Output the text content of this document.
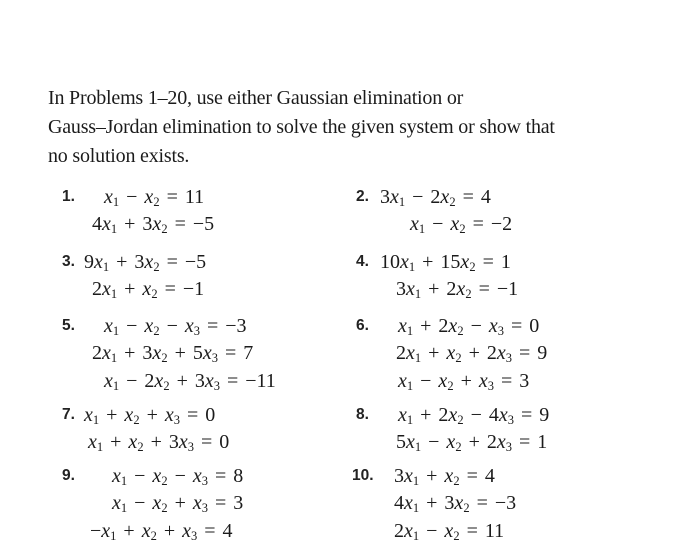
In Problems 1–20, use either Gaussian elimination or
Gauss–Jordan elimination to solve the given system or show that
no solution exists.
1. $x_1 - x_2 = 11$
$4x_1 + 3x_2 = -5$
2. $3x_1 - 2x_2 = 4$
$x_1 - x_2 = -2$
3. $9x_1 + 3x_2 = -5$
$2x_1 + x_2 = -1$
4. $10x_1 + 15x_2 = 1$
$3x_1 + 2x_2 = -1$
5. $x_1 - x_2 - x_3 = -3$
$2x_1 + 3x_2 + 5x_3 = 7$
$x_1 - 2x_2 + 3x_3 = -11$
6. $x_1 + 2x_2 - x_3 = 0$
$2x_1 + x_2 + 2x_3 = 9$
$x_1 - x_2 + x_3 = 3$
7. $x_1 + x_2 + x_3 = 0$
$x_1 + x_2 + 3x_3 = 0$
8. $x_1 + 2x_2 - 4x_3 = 9$
$5x_1 - x_2 + 2x_3 = 1$
9. $x_1 - x_2 - x_3 = 8$
$x_1 - x_2 + x_3 = 3$
$-x_1 + x_2 + x_3 = 4$
10. $3x_1 + x_2 = 4$
$4x_1 + 3x_2 = -3$
$2x_1 - x_2 = 11$
